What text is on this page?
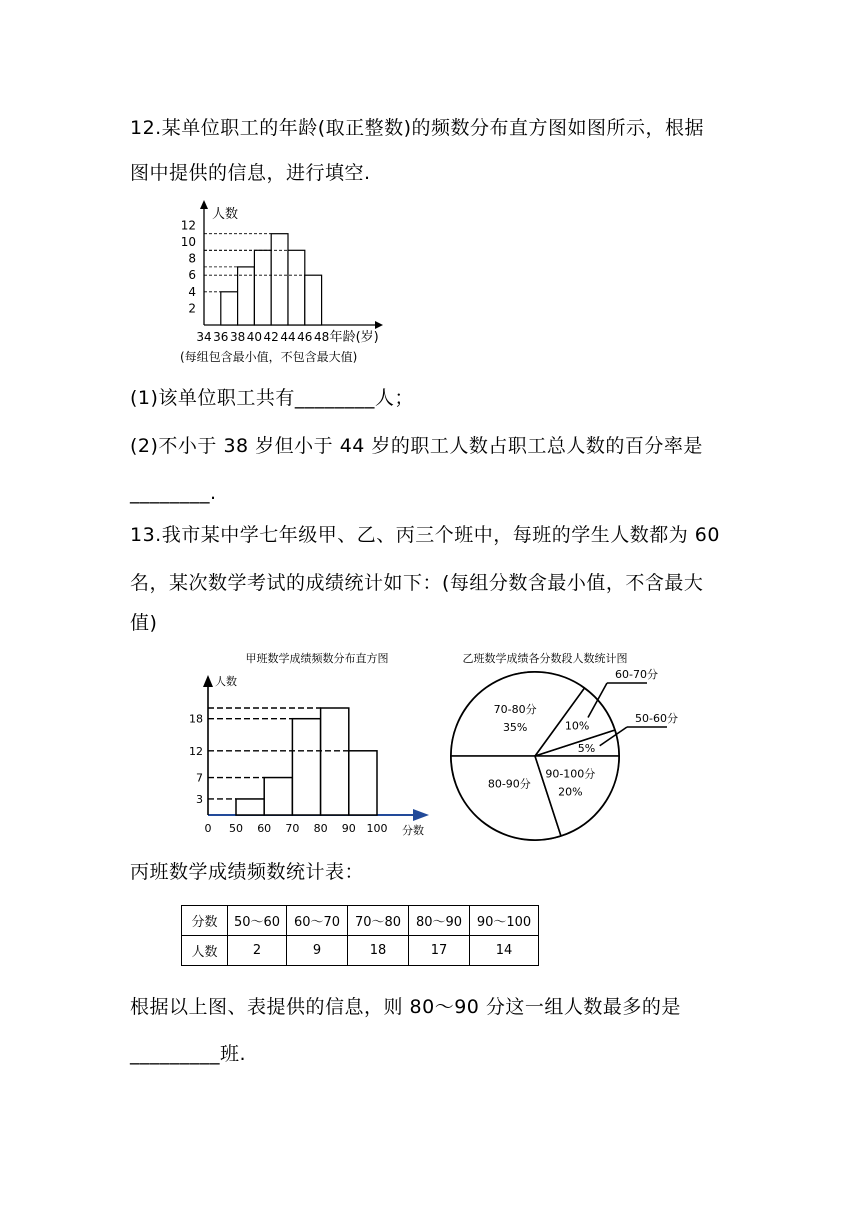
12.某单位职工的年龄(取正整数)的频数分布直方图如图所示，根据
图中提供的信息，进行填空.
人数
2
4
6
8
10
12
34 36 38 40 42 44 46 48 年龄(岁)
(每组包含最小值，不包含最大值)
(1)该单位职工共有________人；
(2)不小于 38 岁但小于 44 岁的职工人数占职工总人数的百分率是
________.
13.我市某中学七年级甲、乙、丙三个班中，每班的学生人数都为 60
名，某次数学考试的成绩统计如下：(每组分数含最小值，不含最大
值)
甲班数学成绩频数分布直方图
人数
3
7
12
18
0 50 60 70 80 90 100 分数
乙班数学成绩各分数段人数统计图
70-80分
35%
80-90分
90-100分
20%
5%
50-60分
10%
60-70分
丙班数学成绩频数统计表：
分数	50～60	60～70	70～80	80～90	90～100
人数	2	9	18	17	14
根据以上图、表提供的信息，则 80～90 分这一组人数最多的是
_________班.
